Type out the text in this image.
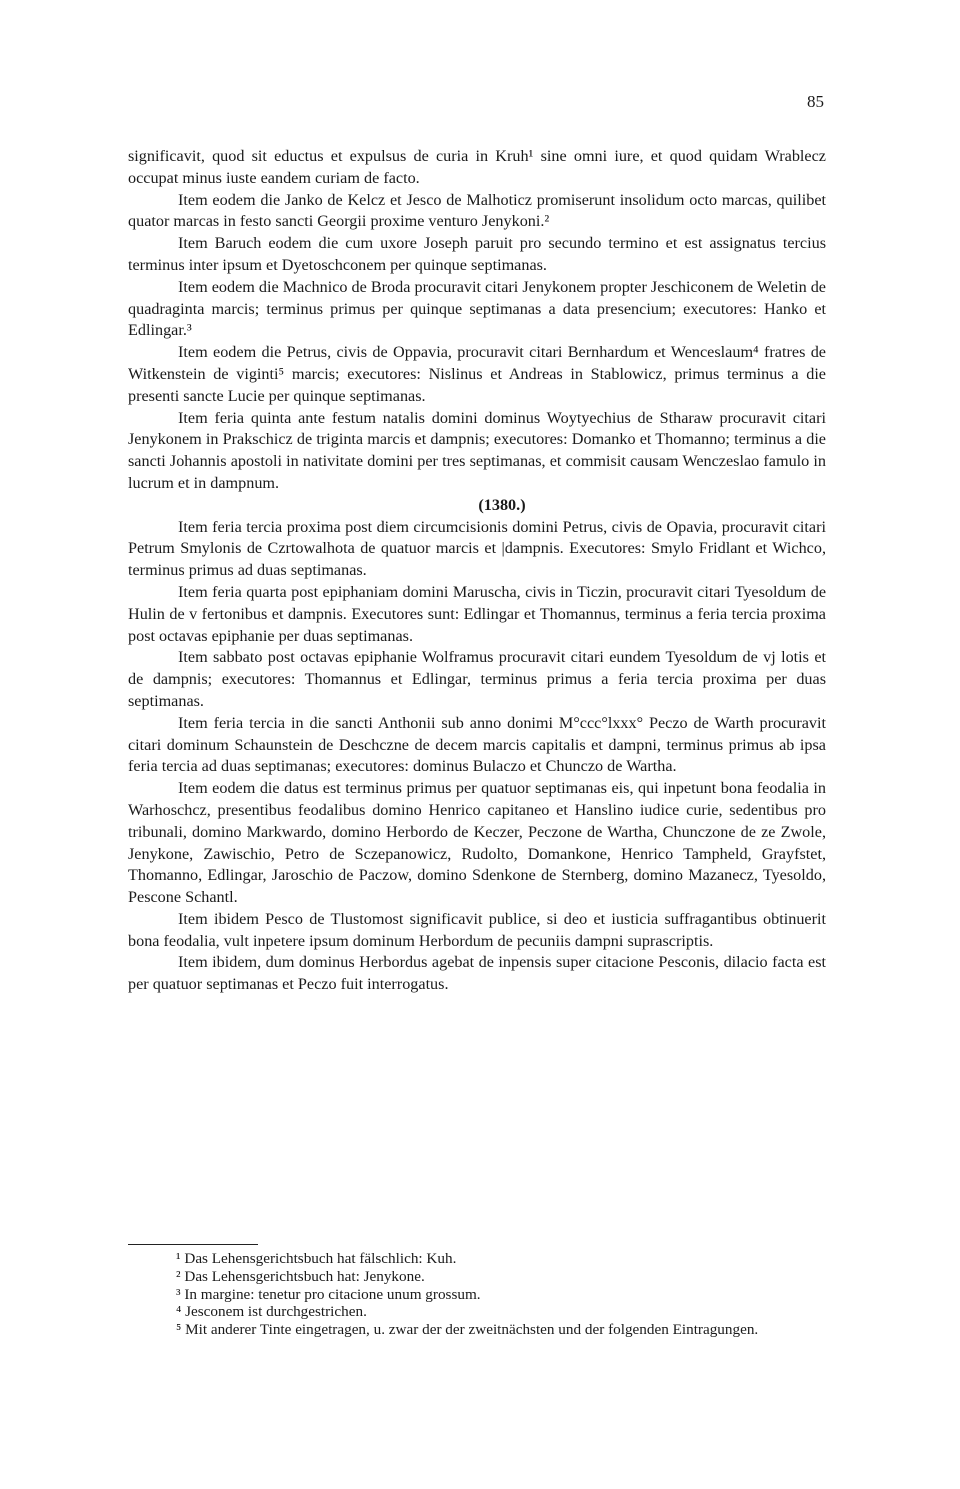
85

significavit, quod sit eductus et expulsus de curia in Kruh¹ sine omni iure, et quod quidam Wrablecz occupat minus iuste eandem curiam de facto.

Item eodem die Janko de Kelcz et Jesco de Malhoticz promiserunt insolidum octo marcas, quilibet quator marcas in festo sancti Georgii proxime venturo Jenykoni.²

Item Baruch eodem die cum uxore Joseph paruit pro secundo termino et est assignatus tercius terminus inter ipsum et Dyetoschconem per quinque septimanas.

Item eodem die Machnico de Broda procuravit citari Jenykonem propter Jeschiconem de Weletin de quadraginta marcis; terminus primus per quinque septimanas a data presencium; executores: Hanko et Edlingar.³

Item eodem die Petrus, civis de Oppavia, procuravit citari Bernhardum et Wenceslaum⁴ fratres de Witkenstein de viginti⁵ marcis; executores: Nislinus et Andreas in Stablowicz, primus terminus a die presenti sancte Lucie per quinque septimanas.

Item feria quinta ante festum natalis domini dominus Woytyechius de Stharaw procuravit citari Jenykonem in Prakschicz de triginta marcis et dampnis; executores: Domanko et Thomanno; terminus a die sancti Johannis apostoli in nativitate domini per tres septimanas, et commisit causam Wenczeslao famulo in lucrum et in dampnum.

(1380.)

Item feria tercia proxima post diem circumcisionis domini Petrus, civis de Opavia, procuravit citari Petrum Smylonis de Czrtowalhota de quatuor marcis et |dampnis. Executores: Smylo Fridlant et Wichco, terminus primus ad duas septimanas.

Item feria quarta post epiphaniam domini Maruscha, civis in Ticzin, procuravit citari Tyesoldum de Hulin de v fertonibus et dampnis. Executores sunt: Edlingar et Thomannus, terminus a feria tercia proxima post octavas epiphanie per duas septimanas.

Item sabbato post octavas epiphanie Wolframus procuravit citari eundem Tyesoldum de vj lotis et de dampnis; executores: Thomannus et Edlingar, terminus primus a feria tercia proxima per duas septimanas.

Item feria tercia in die sancti Anthonii sub anno donimi M°ccc°lxxx° Peczo de Warth procuravit citari dominum Schaunstein de Deschczne de decem marcis capitalis et dampni, terminus primus ab ipsa feria tercia ad duas septimanas; executores: dominus Bulaczo et Chunczo de Wartha.

Item eodem die datus est terminus primus per quatuor septimanas eis, qui inpetunt bona feodalia in Warhoschcz, presentibus feodalibus domino Henrico capitaneo et Hanslino iudice curie, sedentibus pro tribunali, domino Markwardo, domino Herbordo de Keczer, Peczone de Wartha, Chunczone de ze Zwole, Jenykone, Zawischio, Petro de Sczepanowicz, Rudolto, Domankone, Henrico Tampheld, Grayfstet, Thomanno, Edlingar, Jaroschio de Paczow, domino Sdenkone de Sternberg, domino Mazanecz, Tyesoldo, Pescone Schantl.

Item ibidem Pesco de Tlustomost significavit publice, si deo et iusticia suffragantibus obtinuerit bona feodalia, vult inpetere ipsum dominum Herbordum de pecuniis dampni suprascriptis.

Item ibidem, dum dominus Herbordus agebat de inpensis super citacione Pesconis, dilacio facta est per quatuor septimanas et Peczo fuit interrogatus.

¹ Das Lehensgerichtsbuch hat fälschlich: Kuh.
² Das Lehensgerichtsbuch hat: Jenykone.
³ In margine: tenetur pro citacione unum grossum.
⁴ Jesconem ist durchgestrichen.
⁵ Mit anderer Tinte eingetragen, u. zwar der der zweitnächsten und der folgenden Eintragungen.
